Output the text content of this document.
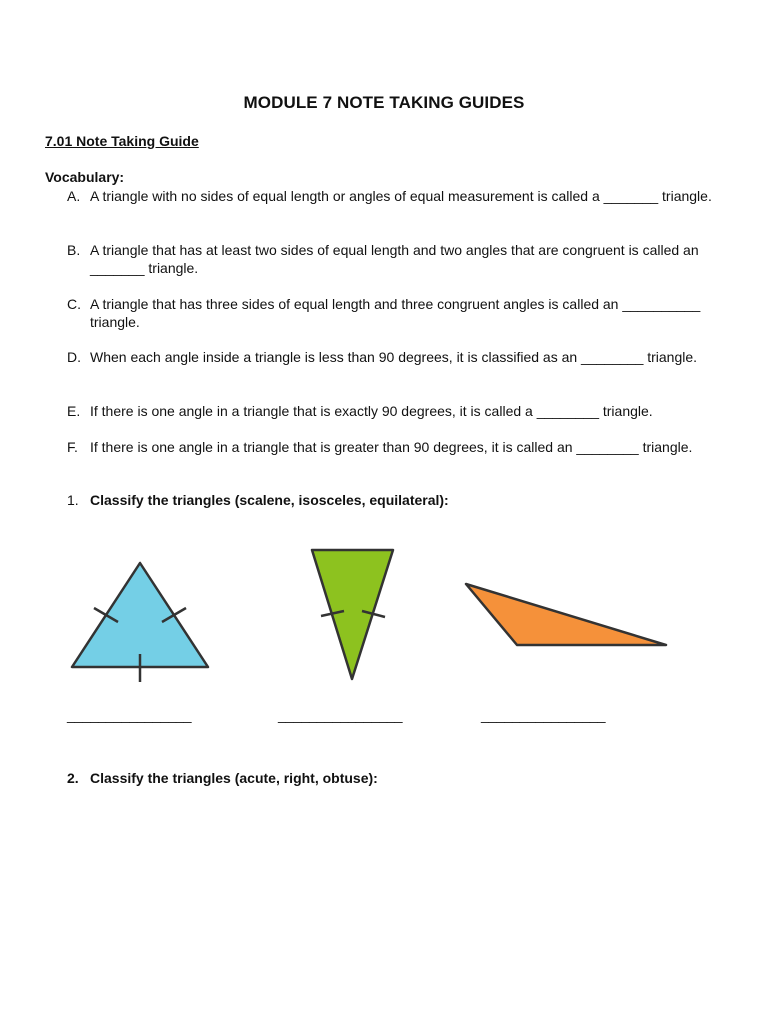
MODULE 7 NOTE TAKING GUIDES
7.01 Note Taking Guide
Vocabulary:
A. A triangle with no sides of equal length or angles of equal measurement is called a _______ triangle.
B. A triangle that has at least two sides of equal length and two angles that are congruent is called an _______ triangle.
C. A triangle that has three sides of equal length and three congruent angles is called an __________ triangle.
D. When each angle inside a triangle is less than 90 degrees, it is classified as an ________ triangle.
E. If there is one angle in a triangle that is exactly 90 degrees, it is called a ________ triangle.
F. If there is one angle in a triangle that is greater than 90 degrees, it is called an ________ triangle.
1. Classify the triangles (scalene, isosceles, equilateral):
________________	________________	________________
2. Classify the triangles (acute, right, obtuse):
